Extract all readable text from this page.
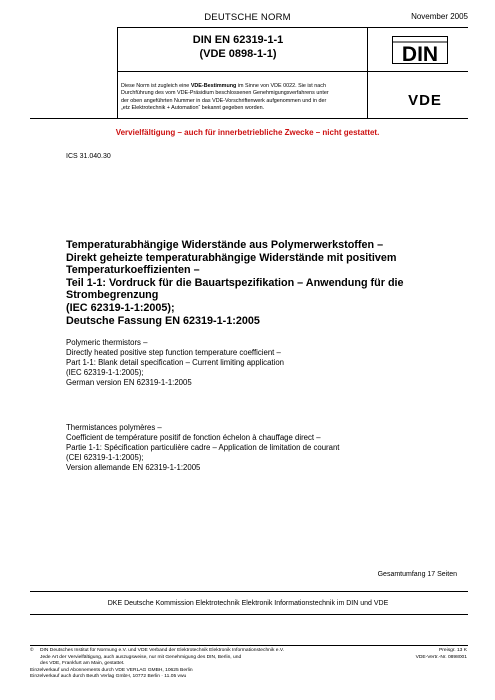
DEUTSCHE NORM	November 2005
DIN EN 62319-1-1
(VDE 0898-1-1)
Diese Norm ist zugleich eine VDE-Bestimmung im Sinne von VDE 0022. Sie ist nach
Durchführung des vom VDE-Präsidium beschlossenen Genehmigungsverfahrens unter
der oben angeführten Nummer in das VDE-Vorschriftenwerk aufgenommen und in der
„etz Elektrotechnik + Automation“ bekannt gegeben worden.
DIN
VDE
Vervielfältigung – auch für innerbetriebliche Zwecke – nicht gestattet.
ICS 31.040.30
Temperaturabhängige Widerstände aus Polymerwerkstoffen –
Direkt geheizte temperaturabhängige Widerstände mit positivem
Temperaturkoeffizienten –
Teil 1-1: Vordruck für die Bauartspezifikation – Anwendung für die
Strombegrenzung
(IEC 62319-1-1:2005);
Deutsche Fassung EN 62319-1-1:2005
Polymeric thermistors –
Directly heated positive step function temperature coefficient –
Part 1-1: Blank detail specification – Current limiting application
(IEC 62319-1-1:2005);
German version EN 62319-1-1:2005
Thermistances polymères –
Coefficient de température positif de fonction échelon à chauffage direct –
Partie 1-1: Spécification particulière cadre – Application de limitation de courant
(CEI 62319-1-1:2005);
Version allemande EN 62319-1-1:2005
Gesamtumfang 17 Seiten
DKE Deutsche Kommission Elektrotechnik Elektronik Informationstechnik im DIN und VDE
© DIN Deutsches Institut für Normung e.V. und VDE Verband der Elektrotechnik Elektronik Informationstechnik e.V.
Jede Art der Vervielfältigung, auch auszugsweise, nur mit Genehmigung des DIN, Berlin, und
des VDE, Frankfurt am Main, gestattet.
Einzelverkauf und Abonnements durch VDE VERLAG GMBH, 10625 Berlin
Einzelverkauf auch durch Beuth Verlag GmbH, 10772 Berlin · 11.05 vwu
Preisgr. 13 K
VDE-Vertr.-Nr. 0898001
